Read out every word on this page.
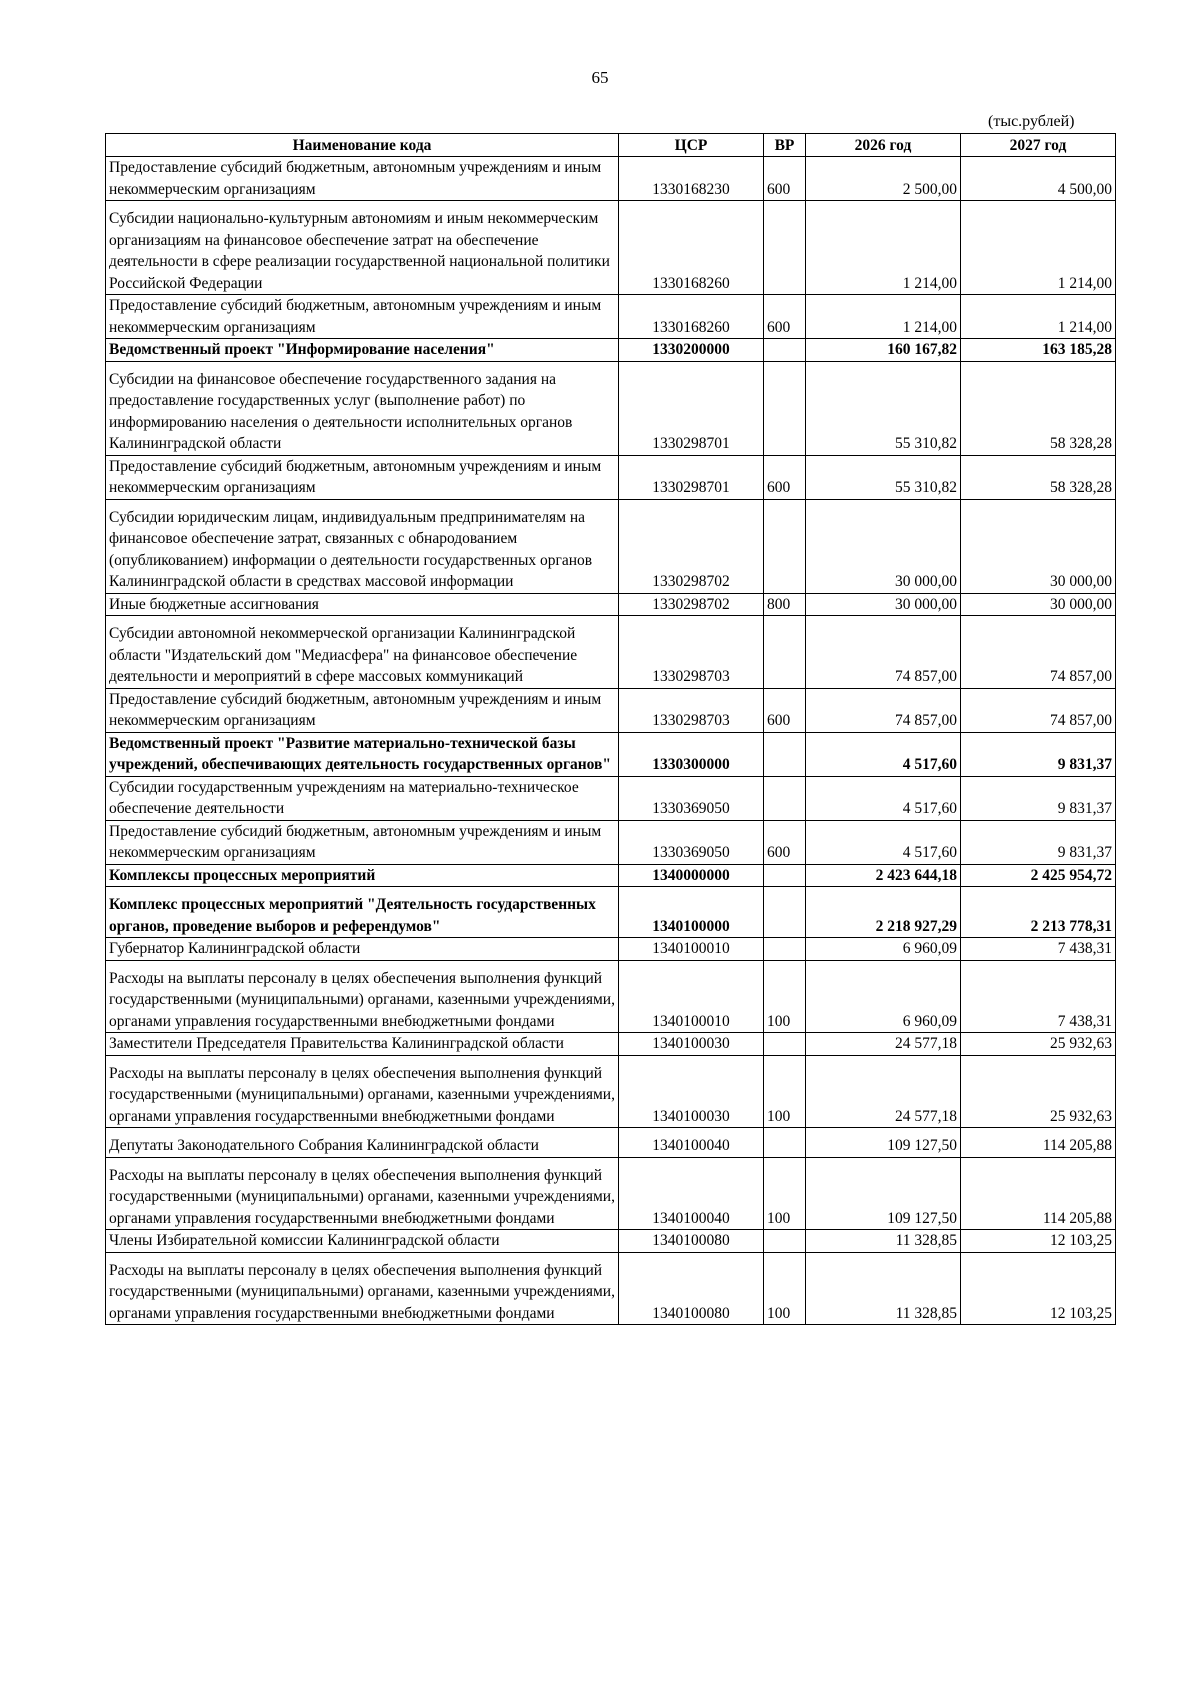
65
(тыс.рублей)
Наименование кода	ЦСР	ВР	2026 год	2027 год
Предоставление субсидий бюджетным, автономным учреждениям и иным некоммерческим организациям	1330168230	600	2 500,00	4 500,00
Субсидии национально-культурным автономиям и иным некоммерческим организациям на финансовое обеспечение затрат на обеспечение деятельности в сфере реализации государственной национальной политики Российской Федерации	1330168260		1 214,00	1 214,00
Предоставление субсидий бюджетным, автономным учреждениям и иным некоммерческим организациям	1330168260	600	1 214,00	1 214,00
Ведомственный проект "Информирование населения"	1330200000		160 167,82	163 185,28
Субсидии на финансовое обеспечение государственного задания на предоставление государственных услуг (выполнение работ) по информированию населения о деятельности исполнительных органов Калининградской области	1330298701		55 310,82	58 328,28
Предоставление субсидий бюджетным, автономным учреждениям и иным некоммерческим организациям	1330298701	600	55 310,82	58 328,28
Субсидии юридическим лицам, индивидуальным предпринимателям на финансовое обеспечение затрат, связанных с обнародованием (опубликованием) информации о деятельности государственных органов Калининградской области в средствах массовой информации	1330298702		30 000,00	30 000,00
Иные бюджетные ассигнования	1330298702	800	30 000,00	30 000,00
Субсидии автономной некоммерческой организации Калининградской области "Издательский дом "Медиасфера" на финансовое обеспечение деятельности и мероприятий в сфере массовых коммуникаций	1330298703		74 857,00	74 857,00
Предоставление субсидий бюджетным, автономным учреждениям и иным некоммерческим организациям	1330298703	600	74 857,00	74 857,00
Ведомственный проект "Развитие материально-технической базы учреждений, обеспечивающих деятельность государственных органов"	1330300000		4 517,60	9 831,37
Субсидии государственным учреждениям на материально-техническое обеспечение деятельности	1330369050		4 517,60	9 831,37
Предоставление субсидий бюджетным, автономным учреждениям и иным некоммерческим организациям	1330369050	600	4 517,60	9 831,37
Комплексы процессных мероприятий	1340000000		2 423 644,18	2 425 954,72
Комплекс процессных мероприятий "Деятельность государственных органов, проведение выборов и референдумов"	1340100000		2 218 927,29	2 213 778,31
Губернатор Калининградской области	1340100010		6 960,09	7 438,31
Расходы на выплаты персоналу в целях обеспечения выполнения функций государственными (муниципальными) органами, казенными учреждениями, органами управления государственными внебюджетными фондами	1340100010	100	6 960,09	7 438,31
Заместители Председателя Правительства Калининградской области	1340100030		24 577,18	25 932,63
Расходы на выплаты персоналу в целях обеспечения выполнения функций государственными (муниципальными) органами, казенными учреждениями, органами управления государственными внебюджетными фондами	1340100030	100	24 577,18	25 932,63
Депутаты Законодательного Собрания Калининградской области	1340100040		109 127,50	114 205,88
Расходы на выплаты персоналу в целях обеспечения выполнения функций государственными (муниципальными) органами, казенными учреждениями, органами управления государственными внебюджетными фондами	1340100040	100	109 127,50	114 205,88
Члены Избирательной комиссии Калининградской области	1340100080		11 328,85	12 103,25
Расходы на выплаты персоналу в целях обеспечения выполнения функций государственными (муниципальными) органами, казенными учреждениями, органами управления государственными внебюджетными фондами	1340100080	100	11 328,85	12 103,25
